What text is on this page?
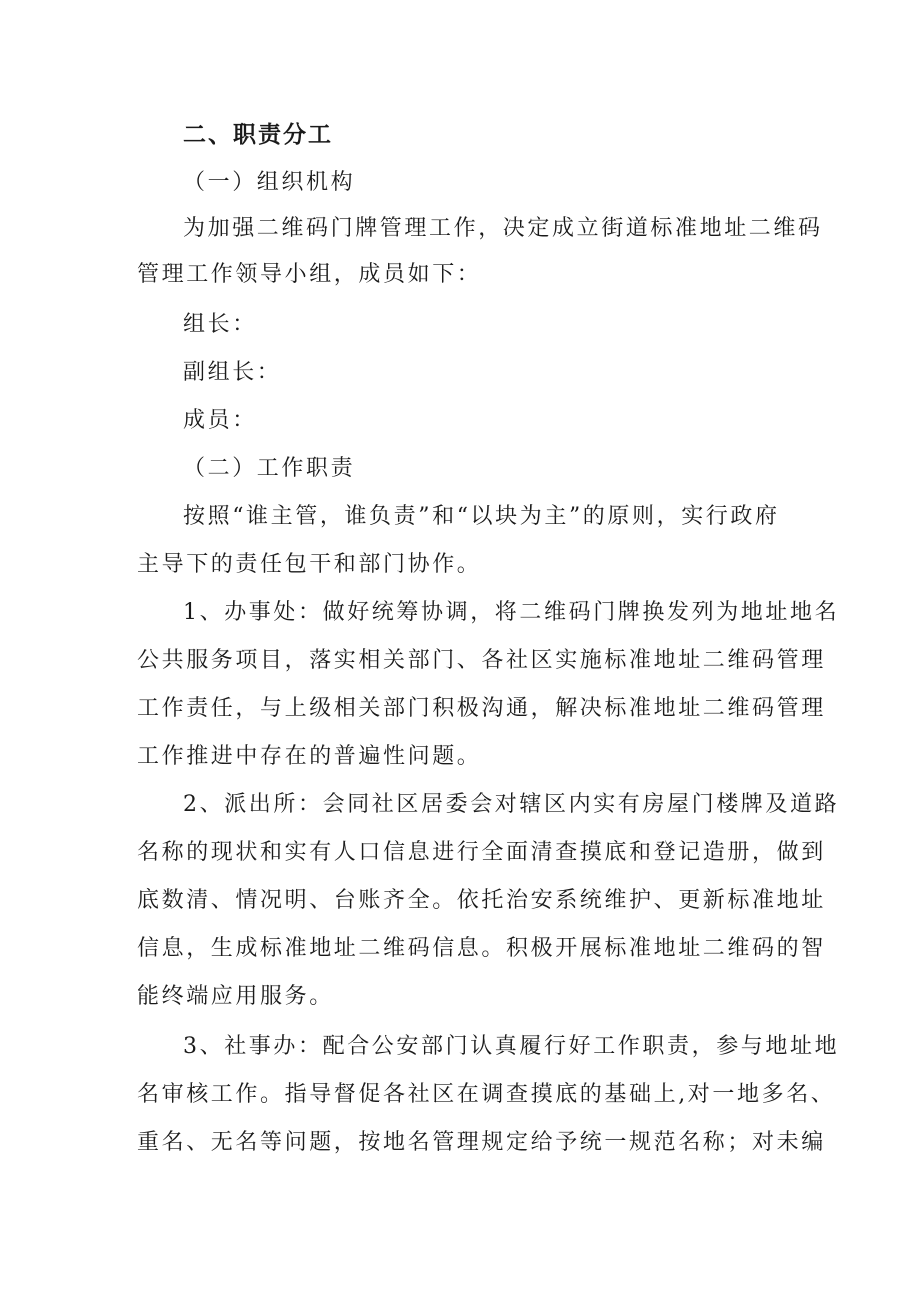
二、职责分工
（一）组织机构
为加强二维码门牌管理工作，决定成立街道标准地址二维码
管理工作领导小组，成员如下：
组长：
副组长：
成员：
（二）工作职责
按照“谁主管，谁负责”和“以块为主”的原则，实行政府
主导下的责任包干和部门协作。
1、办事处：做好统筹协调，将二维码门牌换发列为地址地名
公共服务项目，落实相关部门、各社区实施标准地址二维码管理
工作责任，与上级相关部门积极沟通，解决标准地址二维码管理
工作推进中存在的普遍性问题。
2、派出所：会同社区居委会对辖区内实有房屋门楼牌及道路
名称的现状和实有人口信息进行全面清查摸底和登记造册，做到
底数清、情况明、台账齐全。依托治安系统维护、更新标准地址
信息，生成标准地址二维码信息。积极开展标准地址二维码的智
能终端应用服务。
3、社事办：配合公安部门认真履行好工作职责，参与地址地
名审核工作。指导督促各社区在调查摸底的基础上,对一地多名、
重名、无名等问题，按地名管理规定给予统一规范名称；对未编
